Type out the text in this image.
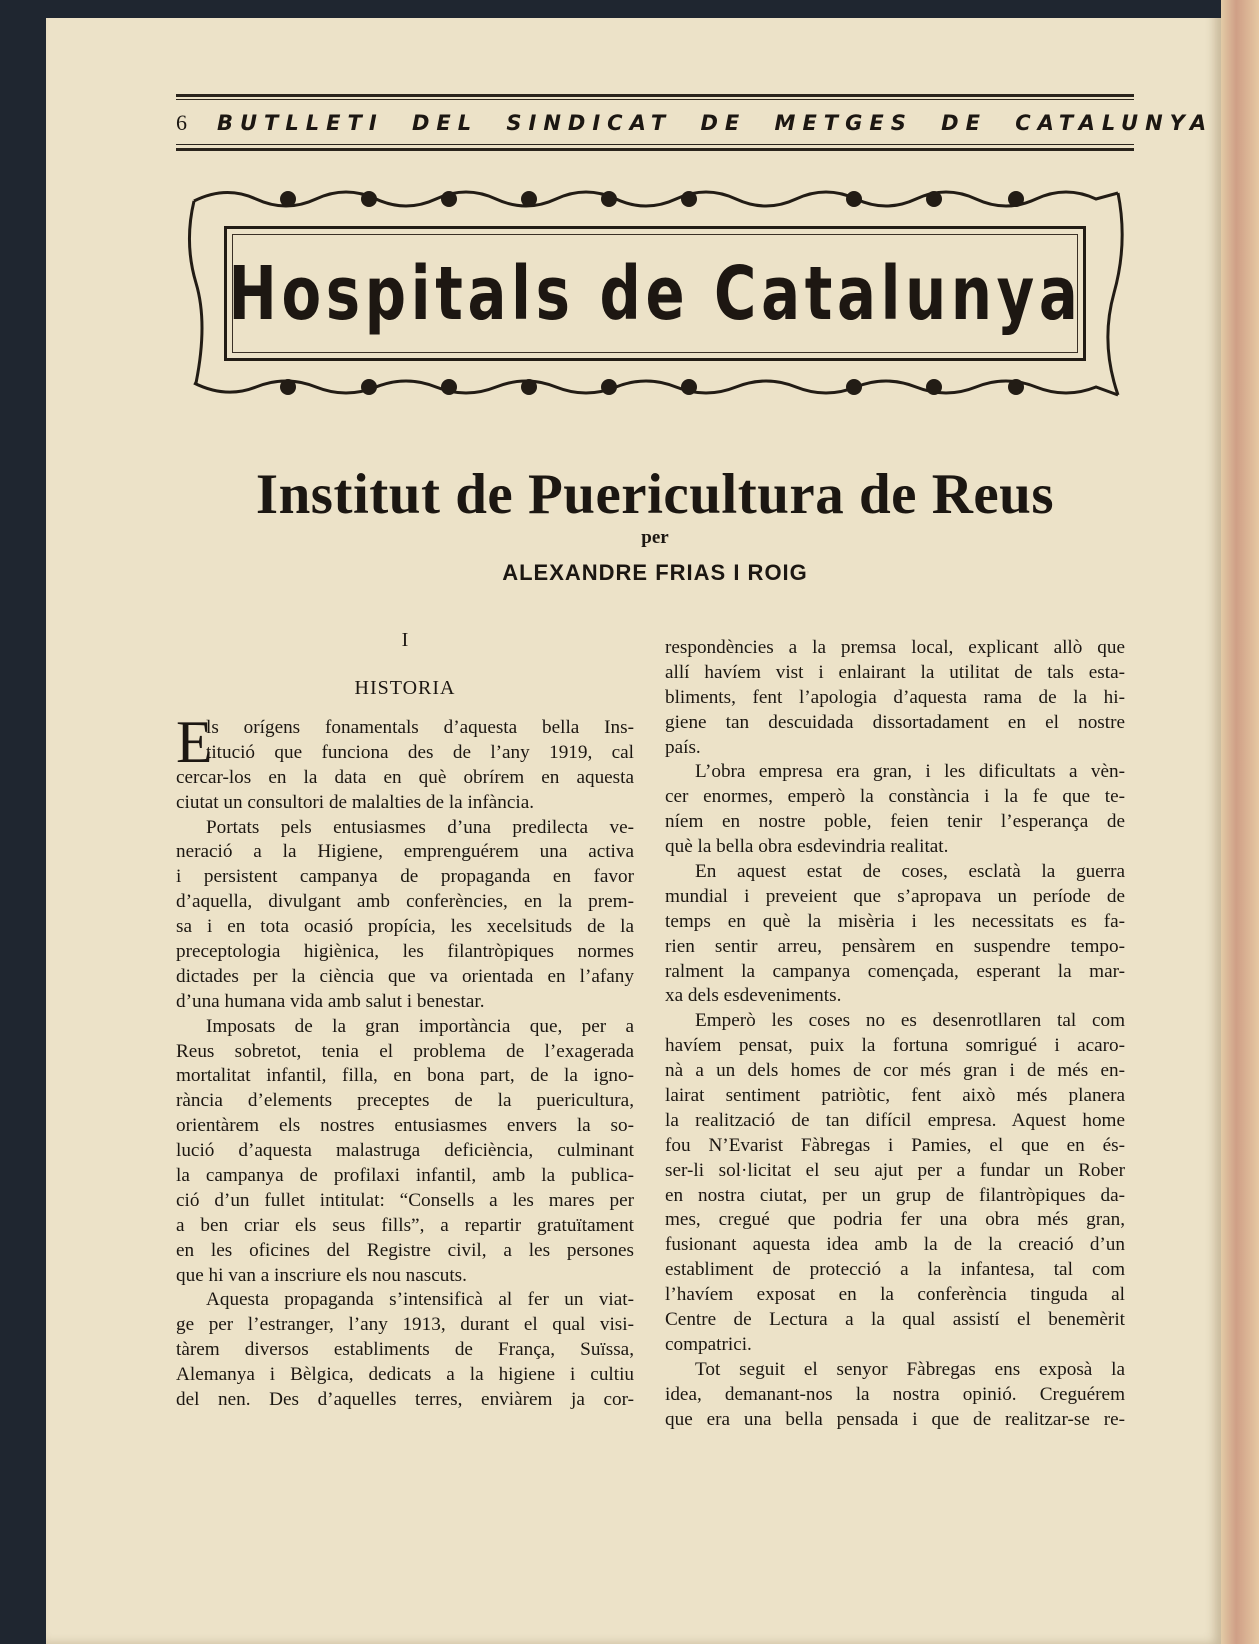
6 BUTLLETI DEL SINDICAT DE METGES DE CATALUNYA
Hospitals de Catalunya
Institut de Puericultura de Reus
per
ALEXANDRE FRIAS I ROIG
I
HISTORIA
E
ls orígens fonamentals d’aquesta bella Ins-
titució que funciona des de l’any 1919, cal
cercar-los en la data en què obrírem en aquesta
ciutat un consultori de malalties de la infància.
Portats pels entusiasmes d’una predilecta ve-
neració a la Higiene, emprenguérem una activa
i persistent campanya de propaganda en favor
d’aquella, divulgant amb conferències, en la prem-
sa i en tota ocasió propícia, les xecelsituds de la
preceptologia higiènica, les filantròpiques normes
dictades per la ciència que va orientada en l’afany
d’una humana vida amb salut i benestar.
Imposats de la gran importància que, per a
Reus sobretot, tenia el problema de l’exagerada
mortalitat infantil, filla, en bona part, de la igno-
rància d’elements preceptes de la puericultura,
orientàrem els nostres entusiasmes envers la so-
lució d’aquesta malastruga deficiència, culminant
la campanya de profilaxi infantil, amb la publica-
ció d’un fullet intitulat: “Consells a les mares per
a ben criar els seus fills”, a repartir gratuïtament
en les oficines del Registre civil, a les persones
que hi van a inscriure els nou nascuts.
Aquesta propaganda s’intensificà al fer un viat-
ge per l’estranger, l’any 1913, durant el qual visi-
tàrem diversos establiments de França, Suïssa,
Alemanya i Bèlgica, dedicats a la higiene i cultiu
del nen. Des d’aquelles terres, enviàrem ja cor-
respondències a la premsa local, explicant allò que
allí havíem vist i enlairant la utilitat de tals esta-
bliments, fent l’apologia d’aquesta rama de la hi-
giene tan descuidada dissortadament en el nostre
país.
L’obra empresa era gran, i les dificultats a vèn-
cer enormes, emperò la constància i la fe que te-
níem en nostre poble, feien tenir l’esperança de
què la bella obra esdevindria realitat.
En aquest estat de coses, esclatà la guerra
mundial i preveient que s’apropava un període de
temps en què la misèria i les necessitats es fa-
rien sentir arreu, pensàrem en suspendre tempo-
ralment la campanya començada, esperant la mar-
xa dels esdeveniments.
Emperò les coses no es desenrotllaren tal com
havíem pensat, puix la fortuna somrigué i acaro-
nà a un dels homes de cor més gran i de més en-
lairat sentiment patriòtic, fent això més planera
la realització de tan difícil empresa. Aquest home
fou N’Evarist Fàbregas i Pamies, el que en és-
ser-li sol·licitat el seu ajut per a fundar un Rober
en nostra ciutat, per un grup de filantròpiques da-
mes, cregué que podria fer una obra més gran,
fusionant aquesta idea amb la de la creació d’un
establiment de protecció a la infantesa, tal com
l’havíem exposat en la conferència tinguda al
Centre de Lectura a la qual assistí el benemèrit
compatrici.
Tot seguit el senyor Fàbregas ens exposà la
idea, demanant-nos la nostra opinió. Creguérem
que era una bella pensada i que de realitzar-se re-
